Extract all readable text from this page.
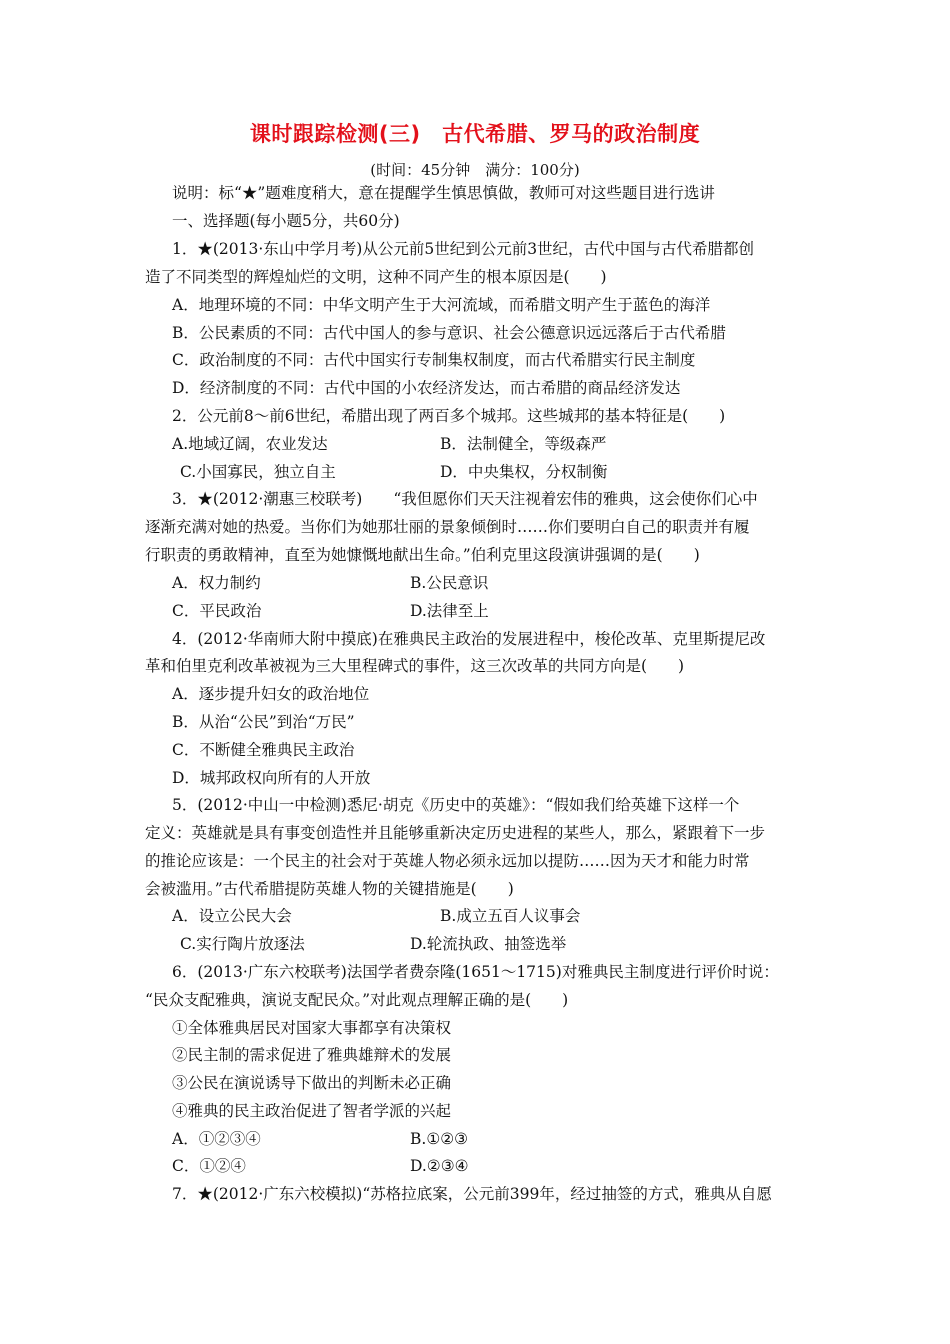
课时跟踪检测(三)　古代希腊、罗马的政治制度
(时间：45分钟　满分：100分)
说明：标“★”题难度稍大，意在提醒学生慎思慎做，教师可对这些题目进行选讲
一、选择题(每小题5分，共60分)
1．★(2013·东山中学月考)从公元前5世纪到公元前3世纪，古代中国与古代希腊都创
造了不同类型的辉煌灿烂的文明，这种不同产生的根本原因是(　　)
A．地理环境的不同：中华文明产生于大河流域，而希腊文明产生于蓝色的海洋
B．公民素质的不同：古代中国人的参与意识、社会公德意识远远落后于古代希腊
C．政治制度的不同：古代中国实行专制集权制度，而古代希腊实行民主制度
D．经济制度的不同：古代中国的小农经济发达，而古希腊的商品经济发达
2．公元前8～前6世纪，希腊出现了两百多个城邦。这些城邦的基本特征是(　　)
A.地域辽阔，农业发达	B．法制健全，等级森严
C.小国寡民，独立自主	D．中央集权，分权制衡
3．★(2012·潮惠三校联考)　　“我但愿你们天天注视着宏伟的雅典，这会使你们心中
逐渐充满对她的热爱。当你们为她那壮丽的景象倾倒时……你们要明白自己的职责并有履
行职责的勇敢精神，直至为她慷慨地献出生命。”伯利克里这段演讲强调的是(　　)
A．权力制约	B.公民意识
C．平民政治	D.法律至上
4．(2012·华南师大附中摸底)在雅典民主政治的发展进程中，梭伦改革、克里斯提尼改
革和伯里克利改革被视为三大里程碑式的事件，这三次改革的共同方向是(　　)
A．逐步提升妇女的政治地位
B．从治“公民”到治“万民”
C．不断健全雅典民主政治
D．城邦政权向所有的人开放
5．(2012·中山一中检测)悉尼·胡克《历史中的英雄》：“假如我们给英雄下这样一个
定义：英雄就是具有事变创造性并且能够重新决定历史进程的某些人，那么，紧跟着下一步
的推论应该是：一个民主的社会对于英雄人物必须永远加以提防……因为天才和能力时常
会被滥用。”古代希腊提防英雄人物的关键措施是(　　)
A．设立公民大会	B.成立五百人议事会
C.实行陶片放逐法	D.轮流执政、抽签选举
6．(2013·广东六校联考)法国学者费奈隆(1651～1715)对雅典民主制度进行评价时说：
“民众支配雅典，演说支配民众。”对此观点理解正确的是(　　)
①全体雅典居民对国家大事都享有决策权
②民主制的需求促进了雅典雄辩术的发展
③公民在演说诱导下做出的判断未必正确
④雅典的民主政治促进了智者学派的兴起
A．①②③④	B.①②③
C．①②④	D.②③④
7．★(2012·广东六校模拟)“苏格拉底案，公元前399年，经过抽签的方式，雅典从自愿
